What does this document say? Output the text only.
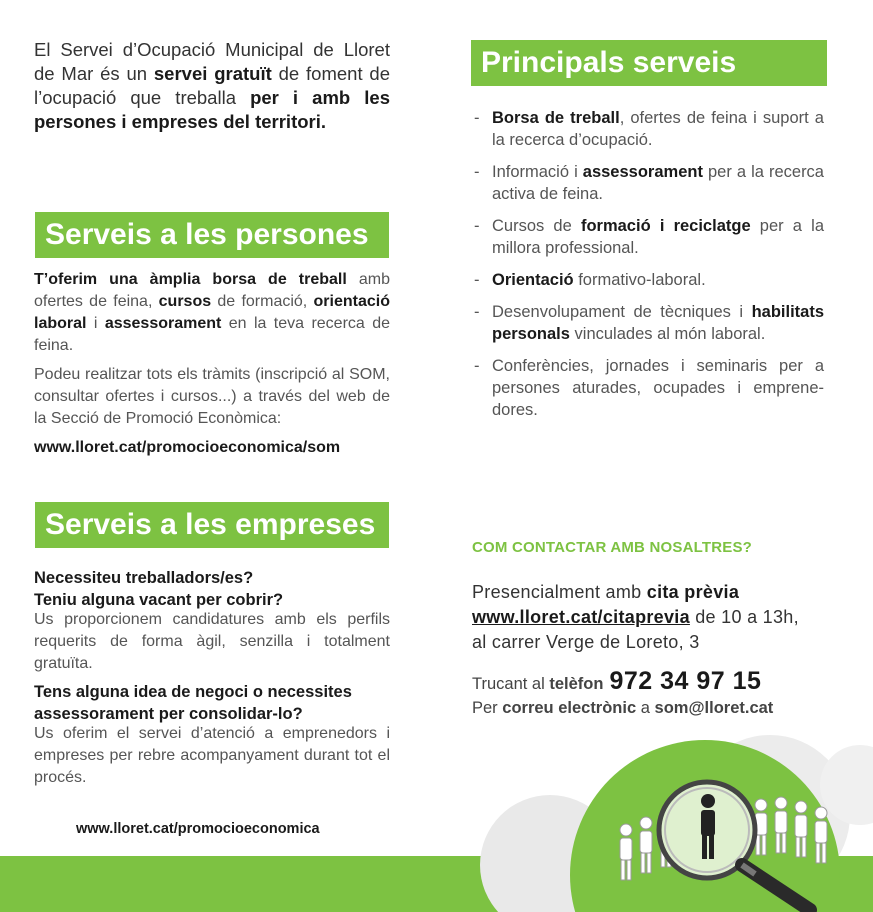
El Servei d’Ocupació Municipal de Lloret de Mar és un servei gratuït de foment de l’ocupació que treballa per i amb les persones i empreses del territori.
Serveis a les persones
T’oferim una àmplia borsa de treball amb ofertes de feina, cursos de formació, orientació laboral i assessorament en la teva recerca de feina.
Podeu realitzar tots els tràmits (inscripció al SOM, consultar ofertes i cursos...) a través del web de la Secció de Promoció Econòmica:
www.lloret.cat/promocioeconomica/som
Serveis a les empreses
Necessiteu treballadors/es?
Teniu alguna vacant per cobrir?
Us proporcionem candidatures amb els perfils requerits de forma àgil, senzilla i totalment gratuïta.
Tens alguna idea de negoci o necessites assessorament per consolidar-lo?
Us oferim el servei d’atenció a emprenedors i empreses per rebre acompanyament durant tot el procés.
www.lloret.cat/promocioeconomica
Principals serveis
- Borsa de treball, ofertes de feina i suport a la recerca d’ocupació.
- Informació i assessorament per a la recerca activa de feina.
- Cursos de formació i reciclatge per a la millora professional.
- Orientació formativo-laboral.
- Desenvolupament de tècniques i habilitats personals vinculades al món laboral.
- Conferències, jornades i seminaris per a persones aturades, ocupades i emprenedores.
COM CONTACTAR AMB NOSALTRES?
Presencialment amb cita prèvia
www.lloret.cat/citaprevia de 10 a 13h,
al carrer Verge de Loreto, 3
Trucant al telèfon 972 34 97 15
Per correu electrònic a som@lloret.cat
